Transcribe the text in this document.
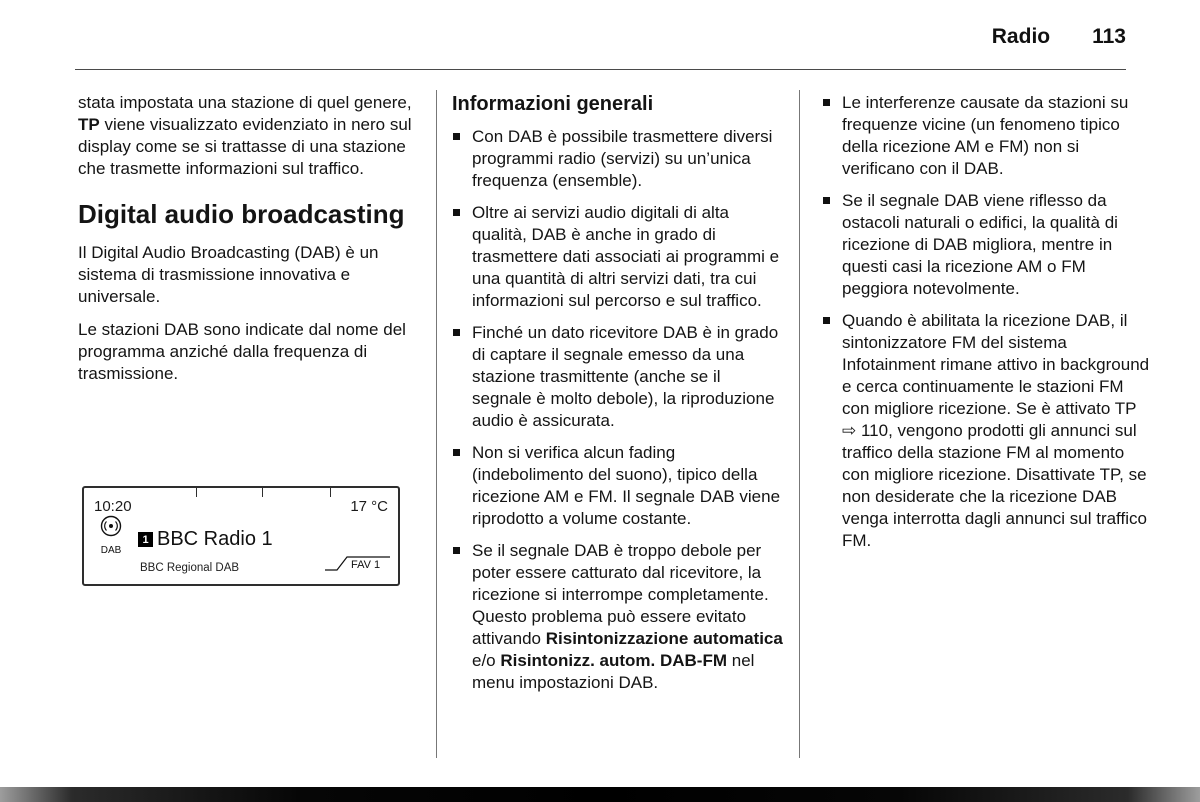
Radio 113

stata impostata una stazione di quel genere, TP viene visualizzato evidenziato in nero sul display come se si trattasse di una stazione che trasmette informazioni sul traffico.

Digital audio broadcasting

Il Digital Audio Broadcasting (DAB) è un sistema di trasmissione innovativa e universale.

Le stazioni DAB sono indicate dal nome del programma anziché dalla frequenza di trasmissione.

10:20	17 °C
DAB
1 BBC Radio 1
BBC Regional DAB	FAV 1
Informazioni generali
Con DAB è possibile trasmettere diversi programmi radio (servizi) su un’unica frequenza (ensemble).
Oltre ai servizi audio digitali di alta qualità, DAB è anche in grado di trasmettere dati associati ai programmi e una quantità di altri servizi dati, tra cui informazioni sul percorso e sul traffico.
Finché un dato ricevitore DAB è in grado di captare il segnale emesso da una stazione trasmittente (anche se il segnale è molto debole), la riproduzione audio è assicurata.
Non si verifica alcun fading (indebolimento del suono), tipico della ricezione AM e FM. Il segnale DAB viene riprodotto a volume costante.
Se il segnale DAB è troppo debole per poter essere catturato dal ricevitore, la ricezione si interrompe completamente. Questo problema può essere evitato attivando Risintonizzazione automatica e/o Risintonizz. autom. DAB-FM nel menu impostazioni DAB.
Le interferenze causate da stazioni su frequenze vicine (un fenomeno tipico della ricezione AM e FM) non si verificano con il DAB.
Se il segnale DAB viene riflesso da ostacoli naturali o edifici, la qualità di ricezione di DAB migliora, mentre in questi casi la ricezione AM o FM peggiora notevolmente.
Quando è abilitata la ricezione DAB, il sintonizzatore FM del sistema Infotainment rimane attivo in background e cerca continuamente le stazioni FM con migliore ricezione. Se è attivato TP ⇨ 110, vengono prodotti gli annunci sul traffico della stazione FM al momento con migliore ricezione. Disattivate TP, se non desiderate che la ricezione DAB venga interrotta dagli annunci sul traffico FM.
